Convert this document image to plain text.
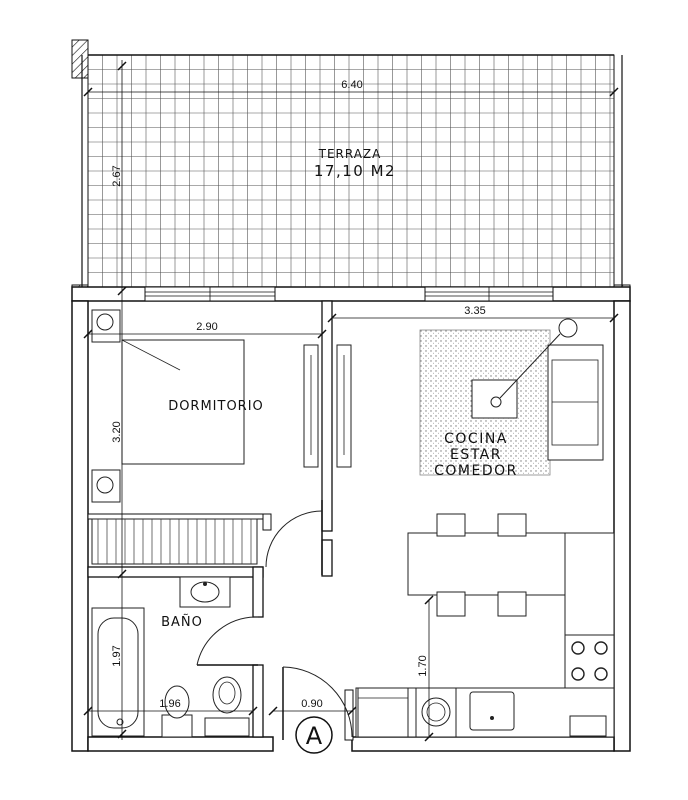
6.40
2.67
2.90
3.20
3.35
1.97
1.96
1.70
0.90
TERRAZA
17,10 M2
DORMITORIO
COCINA
ESTAR
COMEDOR
BAÑO
A
